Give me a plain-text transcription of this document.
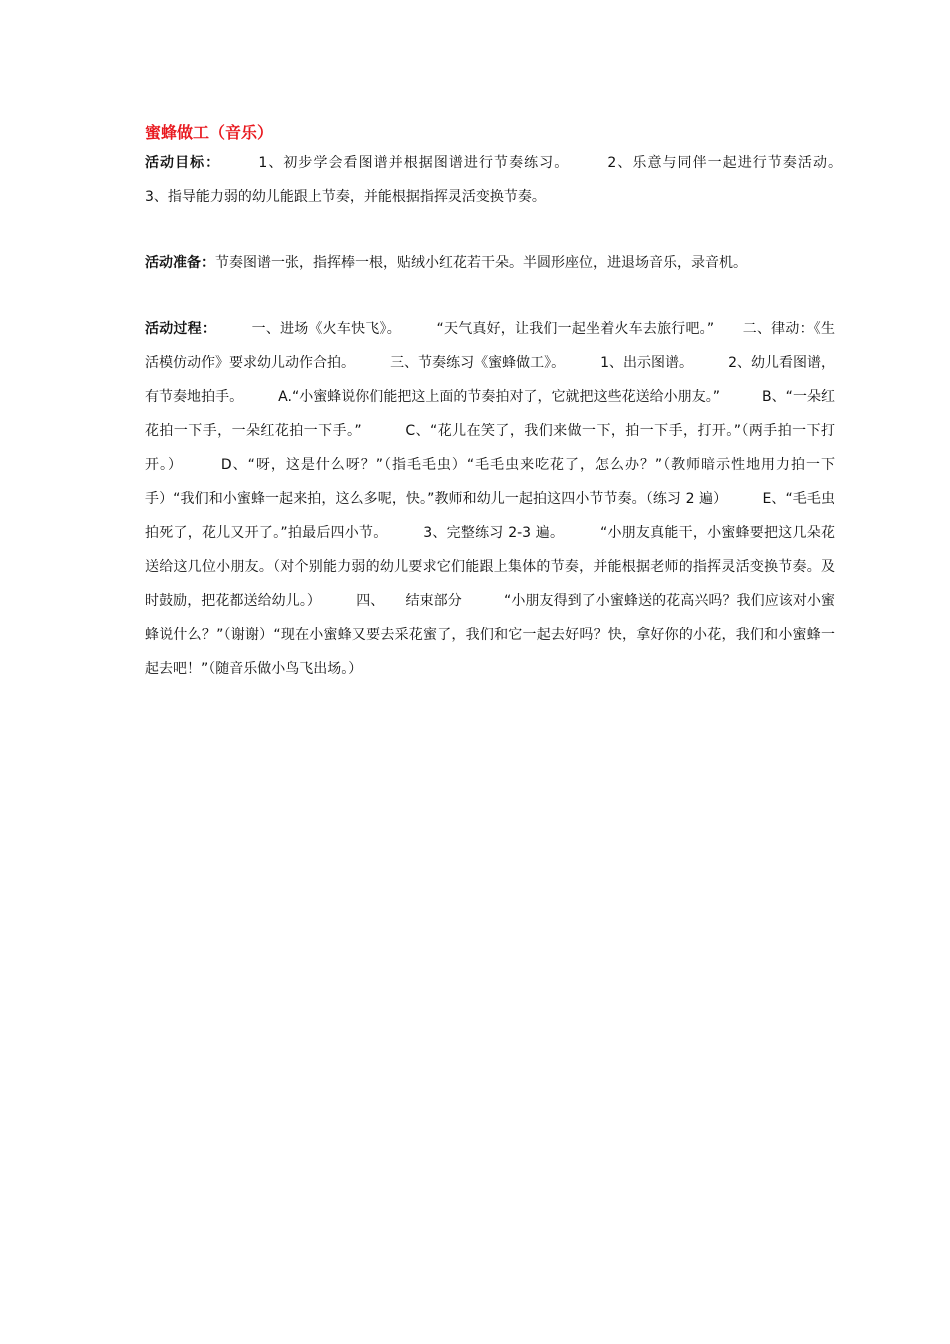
蜜蜂做工（音乐）

活动目标：　　　1、初步学会看图谱并根据图谱进行节奏练习。　　　2、乐意与同伴一起进行节奏活动。　　　3、指导能力弱的幼儿能跟上节奏，并能根据指挥灵活变换节奏。

活动准备：节奏图谱一张，指挥棒一根，贴绒小红花若干朵。半圆形座位，进退场音乐，录音机。

活动过程：　　　一、进场《火车快飞》。　　　“天气真好，让我们一起坐着火车去旅行吧。”　　二、律动：《生活模仿动作》要求幼儿动作合拍。　　　三、节奏练习《蜜蜂做工》。　　　1、出示图谱。　　　2、幼儿看图谱，有节奏地拍手。　　　A.“小蜜蜂说你们能把这上面的节奏拍对了，它就把这些花送给小朋友。”　　　B、“一朵红花拍一下手，一朵红花拍一下手。”　　　C、“花儿在笑了，我们来做一下，拍一下手，打开。”（两手拍一下打开。）　　　D、“呀，这是什么呀？”（指毛毛虫）“毛毛虫来吃花了，怎么办？”（教师暗示性地用力拍一下手）“我们和小蜜蜂一起来拍，这么多呢，快。”教师和幼儿一起拍这四小节节奏。（练习 2 遍）　　　E、“毛毛虫拍死了，花儿又开了。”拍最后四小节。　　　3、完整练习 2-3 遍。　　　“小朋友真能干，小蜜蜂要把这几朵花送给这几位小朋友。（对个别能力弱的幼儿要求它们能跟上集体的节奏，并能根据老师的指挥灵活变换节奏。及时鼓励，把花都送给幼儿。）　　　四、　　结束部分　　　“小朋友得到了小蜜蜂送的花高兴吗？我们应该对小蜜蜂说什么？”（谢谢）“现在小蜜蜂又要去采花蜜了，我们和它一起去好吗？快，拿好你的小花，我们和小蜜蜂一起去吧！”（随音乐做小鸟飞出场。）
